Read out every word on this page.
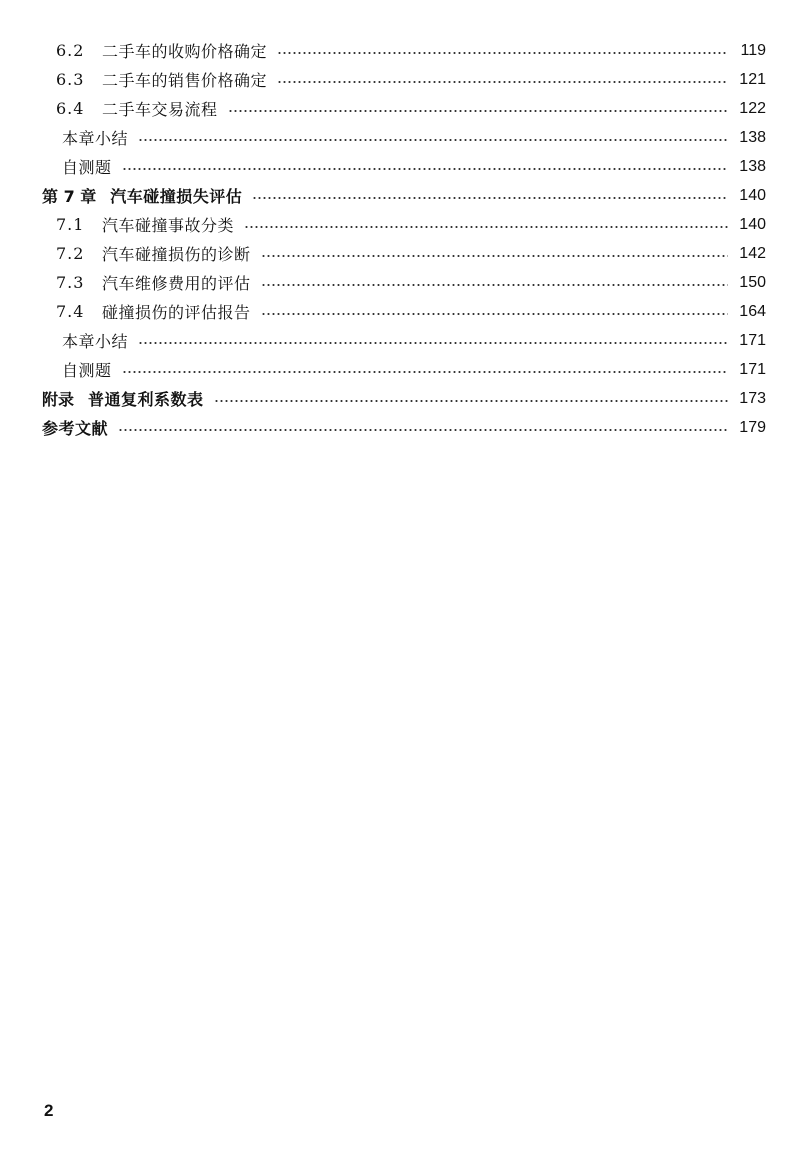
6.2	二手车的收购价格确定	119
6.3	二手车的销售价格确定	121
6.4	二手车交易流程	122
本章小结	138
自测题	138
第 7 章 汽车碰撞损失评估	140
7.1	汽车碰撞事故分类	140
7.2	汽车碰撞损伤的诊断	142
7.3	汽车维修费用的评估	150
7.4	碰撞损伤的评估报告	164
本章小结	171
自测题	171
附录 普通复利系数表	173
参考文献	179
2
